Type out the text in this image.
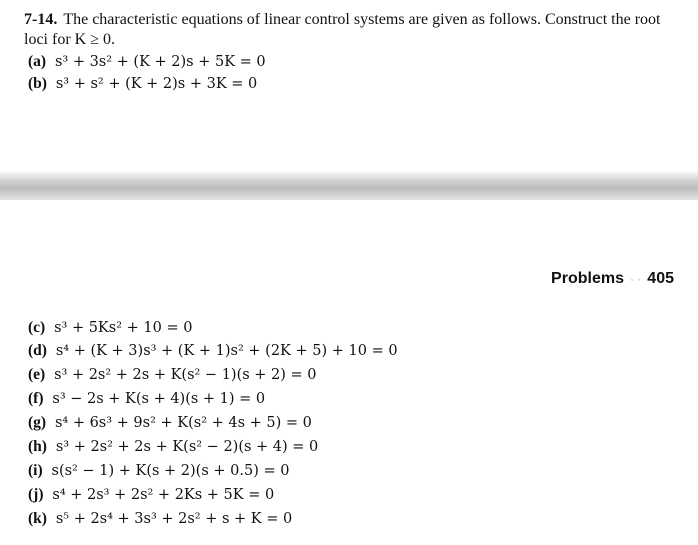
7-14. The characteristic equations of linear control systems are given as follows. Construct the root
loci for K ≥ 0.
(a) s³ + 3s² + (K + 2)s + 5K = 0
(b) s³ + s² + (K + 2)s + 3K = 0
Problems · · 405
(c) s³ + 5Ks² + 10 = 0
(d) s⁴ + (K + 3)s³ + (K + 1)s² + (2K + 5) + 10 = 0
(e) s³ + 2s² + 2s + K(s² − 1)(s + 2) = 0
(f) s³ − 2s + K(s + 4)(s + 1) = 0
(g) s⁴ + 6s³ + 9s² + K(s² + 4s + 5) = 0
(h) s³ + 2s² + 2s + K(s² − 2)(s + 4) = 0
(i) s(s² − 1) + K(s + 2)(s + 0.5) = 0
(j) s⁴ + 2s³ + 2s² + 2Ks + 5K = 0
(k) s⁵ + 2s⁴ + 3s³ + 2s² + s + K = 0
